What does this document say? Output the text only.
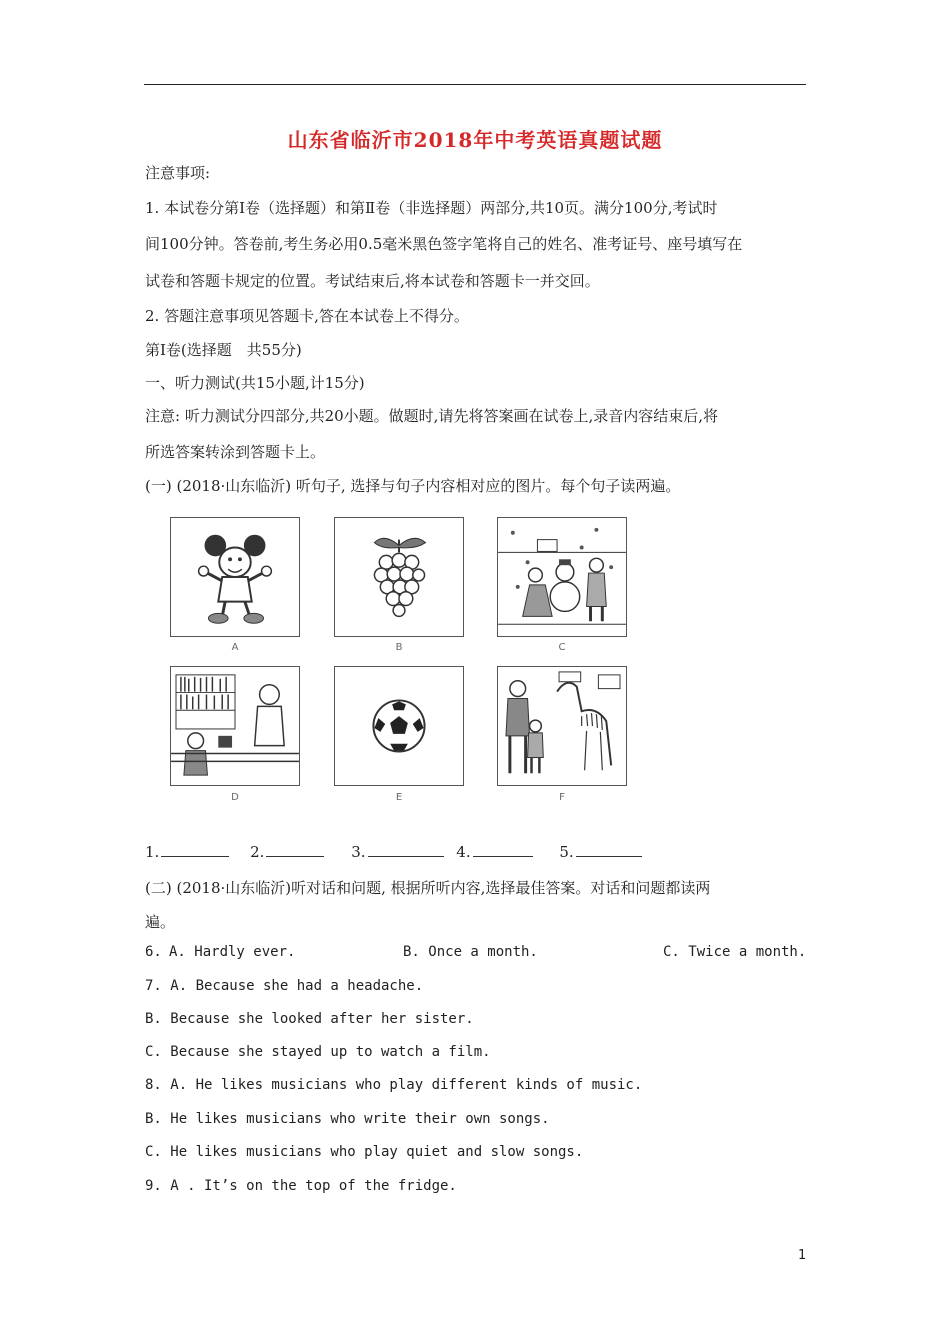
山东省临沂市2018年中考英语真题试题
注意事项:
1. 本试卷分第Ⅰ卷（选择题）和第Ⅱ卷（非选择题）两部分,共10页。满分100分,考试时
间100分钟。答卷前,考生务必用0.5毫米黑色签字笔将自己的姓名、准考证号、座号填写在
试卷和答题卡规定的位置。考试结束后,将本试卷和答题卡一并交回。
2. 答题注意事项见答题卡,答在本试卷上不得分。
第Ⅰ卷(选择题　共55分)
一、听力测试(共15小题,计15分)
注意: 听力测试分四部分,共20小题。做题时,请先将答案画在试卷上,录音内容结束后,将
所选答案转涂到答题卡上。
(一) (2018·山东临沂) 听句子, 选择与句子内容相对应的图片。每个句子读两遍。
A	B	C
D	E	F
1.	2.	3.	4.	5.
(二) (2018·山东临沂)听对话和问题, 根据所听内容,选择最佳答案。对话和问题都读两
遍。
6. A. Hardly ever.	B. Once a month.	C. Twice a month.
7. A. Because she had a headache.
B. Because she looked after her sister.
C. Because she stayed up to watch a film.
8. A. He likes musicians who play different kinds of music.
B. He likes musicians who write their own songs.
C. He likes musicians who play quiet and slow songs.
9. A . It’s on the top of the fridge.
1
